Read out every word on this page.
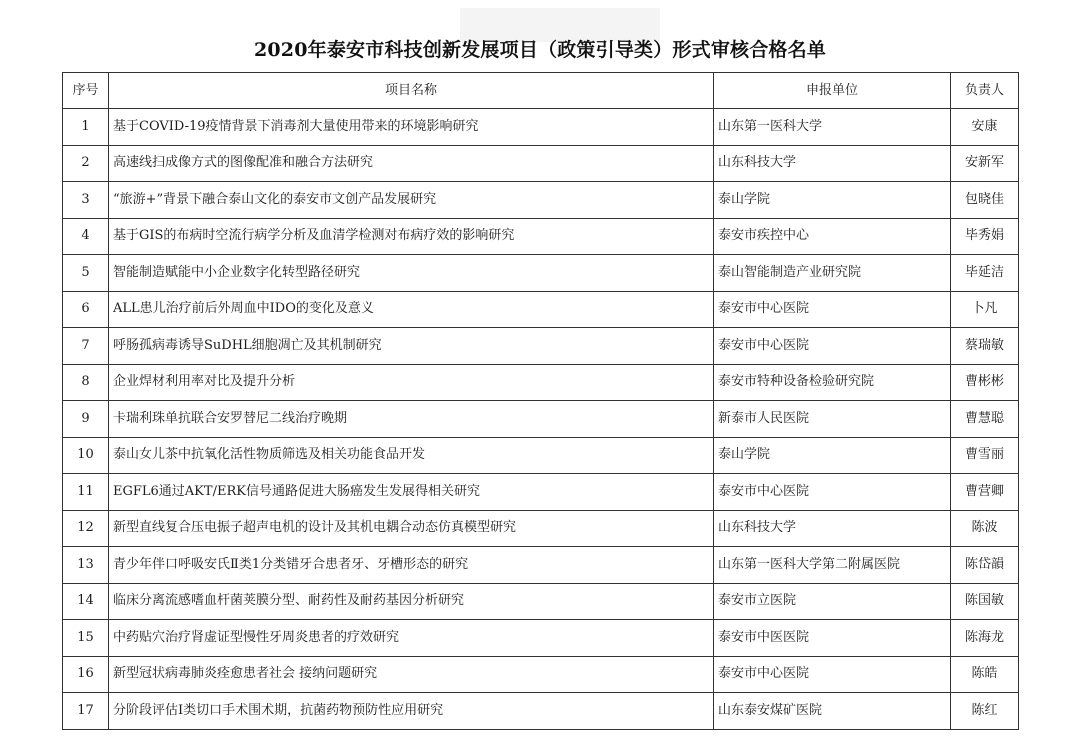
2020年泰安市科技创新发展项目（政策引导类）形式审核合格名单
序号	项目名称	申报单位	负责人
1	基于COVID-19疫情背景下消毒剂大量使用带来的环境影响研究	山东第一医科大学	安康
2	高速线扫成像方式的图像配准和融合方法研究	山东科技大学	安新军
3	“旅游+”背景下融合泰山文化的泰安市文创产品发展研究	泰山学院	包晓佳
4	基于GIS的布病时空流行病学分析及血清学检测对布病疗效的影响研究	泰安市疾控中心	毕秀娟
5	智能制造赋能中小企业数字化转型路径研究	泰山智能制造产业研究院	毕延洁
6	ALL患儿治疗前后外周血中IDO的变化及意义	泰安市中心医院	卜凡
7	呼肠孤病毒诱导SuDHL细胞凋亡及其机制研究	泰安市中心医院	蔡瑞敏
8	企业焊材利用率对比及提升分析	泰安市特种设备检验研究院	曹彬彬
9	卡瑞利珠单抗联合安罗替尼二线治疗晚期	新泰市人民医院	曹慧聪
10	泰山女儿茶中抗氧化活性物质筛选及相关功能食品开发	泰山学院	曹雪丽
11	EGFL6通过AKT/ERK信号通路促进大肠癌发生发展得相关研究	泰安市中心医院	曹营卿
12	新型直线复合压电振子超声电机的设计及其机电耦合动态仿真模型研究	山东科技大学	陈波
13	青少年伴口呼吸安氏Ⅱ类1分类错牙合患者牙、牙槽形态的研究	山东第一医科大学第二附属医院	陈岱韻
14	临床分离流感嗜血杆菌荚膜分型、耐药性及耐药基因分析研究	泰安市立医院	陈国敏
15	中药贴穴治疗肾虚证型慢性牙周炎患者的疗效研究	泰安市中医医院	陈海龙
16	新型冠状病毒肺炎痊愈患者社会 接纳问题研究	泰安市中心医院	陈皓
17	分阶段评估I类切口手术围术期，抗菌药物预防性应用研究	山东泰安煤矿医院	陈红
